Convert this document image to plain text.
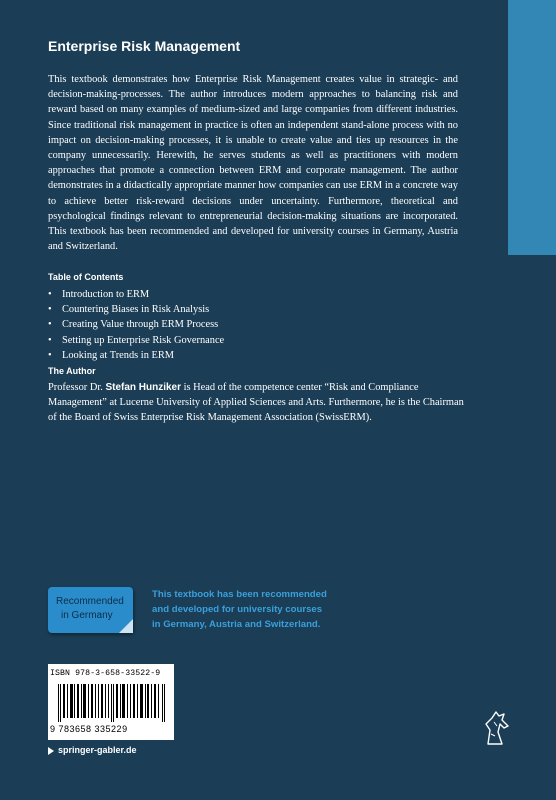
Enterprise Risk Management
This textbook demonstrates how Enterprise Risk Management creates value in strategic- and decision-making-processes. The author introduces modern approaches to balancing risk and reward based on many examples of medium-sized and large companies from different industries. Since traditional risk management in practice is often an independent stand-alone process with no impact on decision-making processes, it is unable to create value and ties up resources in the company unnecessarily. Herewith, he serves students as well as practitioners with modern approaches that promote a connection between ERM and corporate management. The author demonstrates in a didactically appropriate manner how companies can use ERM in a concrete way to achieve better risk-reward decisions under uncertainty. Furthermore, theoretical and psychological findings relevant to entrepreneurial decision-making situations are incorporated. This textbook has been recommended and developed for university courses in Germany, Austria and Switzerland.
Table of Contents
• Introduction to ERM
• Countering Biases in Risk Analysis
• Creating Value through ERM Process
• Setting up Enterprise Risk Governance
• Looking at Trends in ERM
The Author
Professor Dr. Stefan Hunziker is Head of the competence center “Risk and Compliance Management” at Lucerne University of Applied Sciences and Arts. Furthermore, he is the Chairman of the Board of Swiss Enterprise Risk Management Association (SwissERM).
Recommended
in Germany
This textbook has been recommended
and developed for university courses
in Germany, Austria and Switzerland.
ISBN 978-3-658-33522-9
9 783658 335229
springer-gabler.de
